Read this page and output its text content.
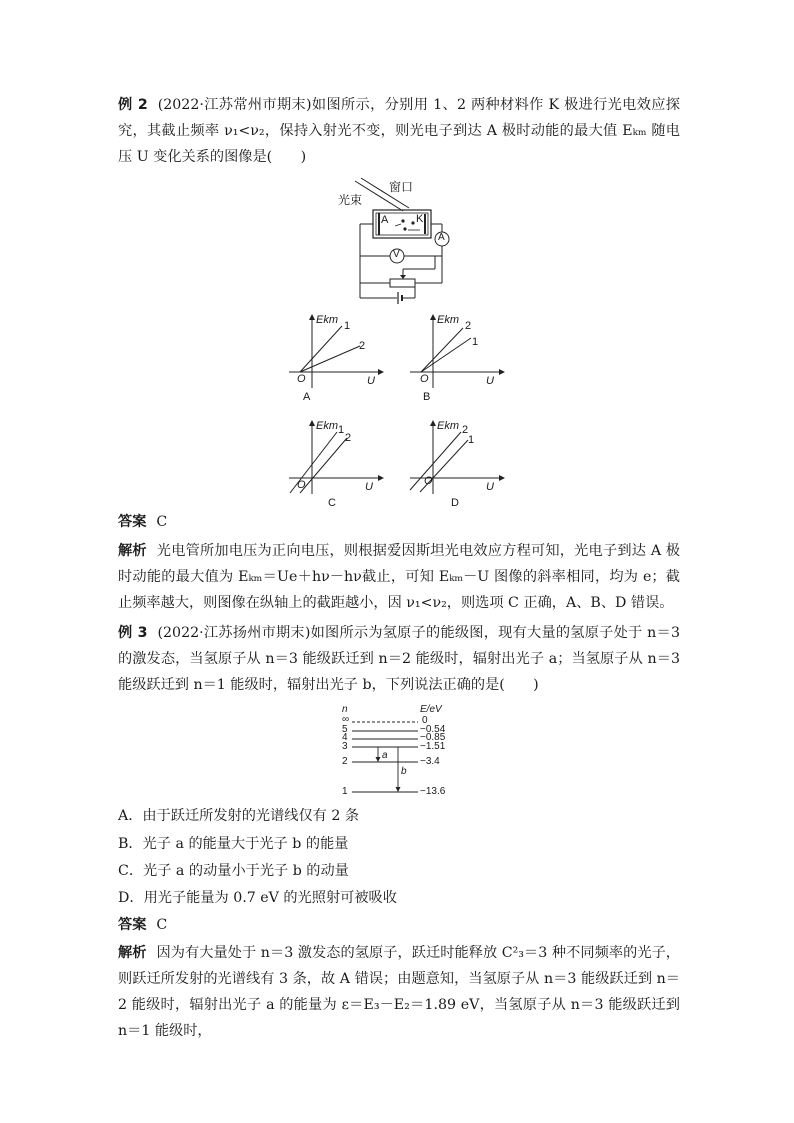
例 2 (2022·江苏常州市期末)如图所示，分别用 1、2 两种材料作 K 极进行光电效应探究，其截止频率 ν₁<ν₂，保持入射光不变，则光电子到达 A 极时动能的最大值 Eₖₘ 随电压 U 变化关系的图像是(　　)
光束
窗口
A	K
A
V
Ekm 1
2
O	U
A
Ekm 2
1
O	U
B
Ekm 1
2
O	U
C
Ekm 2
1
O	U
D
答案 C
解析 光电管所加电压为正向电压，则根据爱因斯坦光电效应方程可知，光电子到达 A 极时动能的最大值为 Eₖₘ＝Ue＋hν－hν截止，可知 Eₖₘ－U 图像的斜率相同，均为 e；截止频率越大，则图像在纵轴上的截距越小，因 ν₁<ν₂，则选项 C 正确，A、B、D 错误。
例 3 (2022·江苏扬州市期末)如图所示为氢原子的能级图，现有大量的氢原子处于 n＝3 的激发态，当氢原子从 n＝3 能级跃迁到 n＝2 能级时，辐射出光子 a；当氢原子从 n＝3 能级跃迁到 n＝1 能级时，辐射出光子 b，下列说法正确的是(　　)
n	E/eV
∞	0
5	−0.54
4	−0.85
3	−1.51
2	−3.4
1	−13.6
a
b
A．由于跃迁所发射的光谱线仅有 2 条
B．光子 a 的能量大于光子 b 的能量
C．光子 a 的动量小于光子 b 的动量
D．用光子能量为 0.7 eV 的光照射可被吸收
答案 C
解析 因为有大量处于 n＝3 激发态的氢原子，跃迁时能释放 C²₃＝3 种不同频率的光子，则跃迁所发射的光谱线有 3 条，故 A 错误；由题意知，当氢原子从 n＝3 能级跃迁到 n＝2 能级时，辐射出光子 a 的能量为 ε＝E₃－E₂＝1.89 eV，当氢原子从 n＝3 能级跃迁到 n＝1 能级时，
